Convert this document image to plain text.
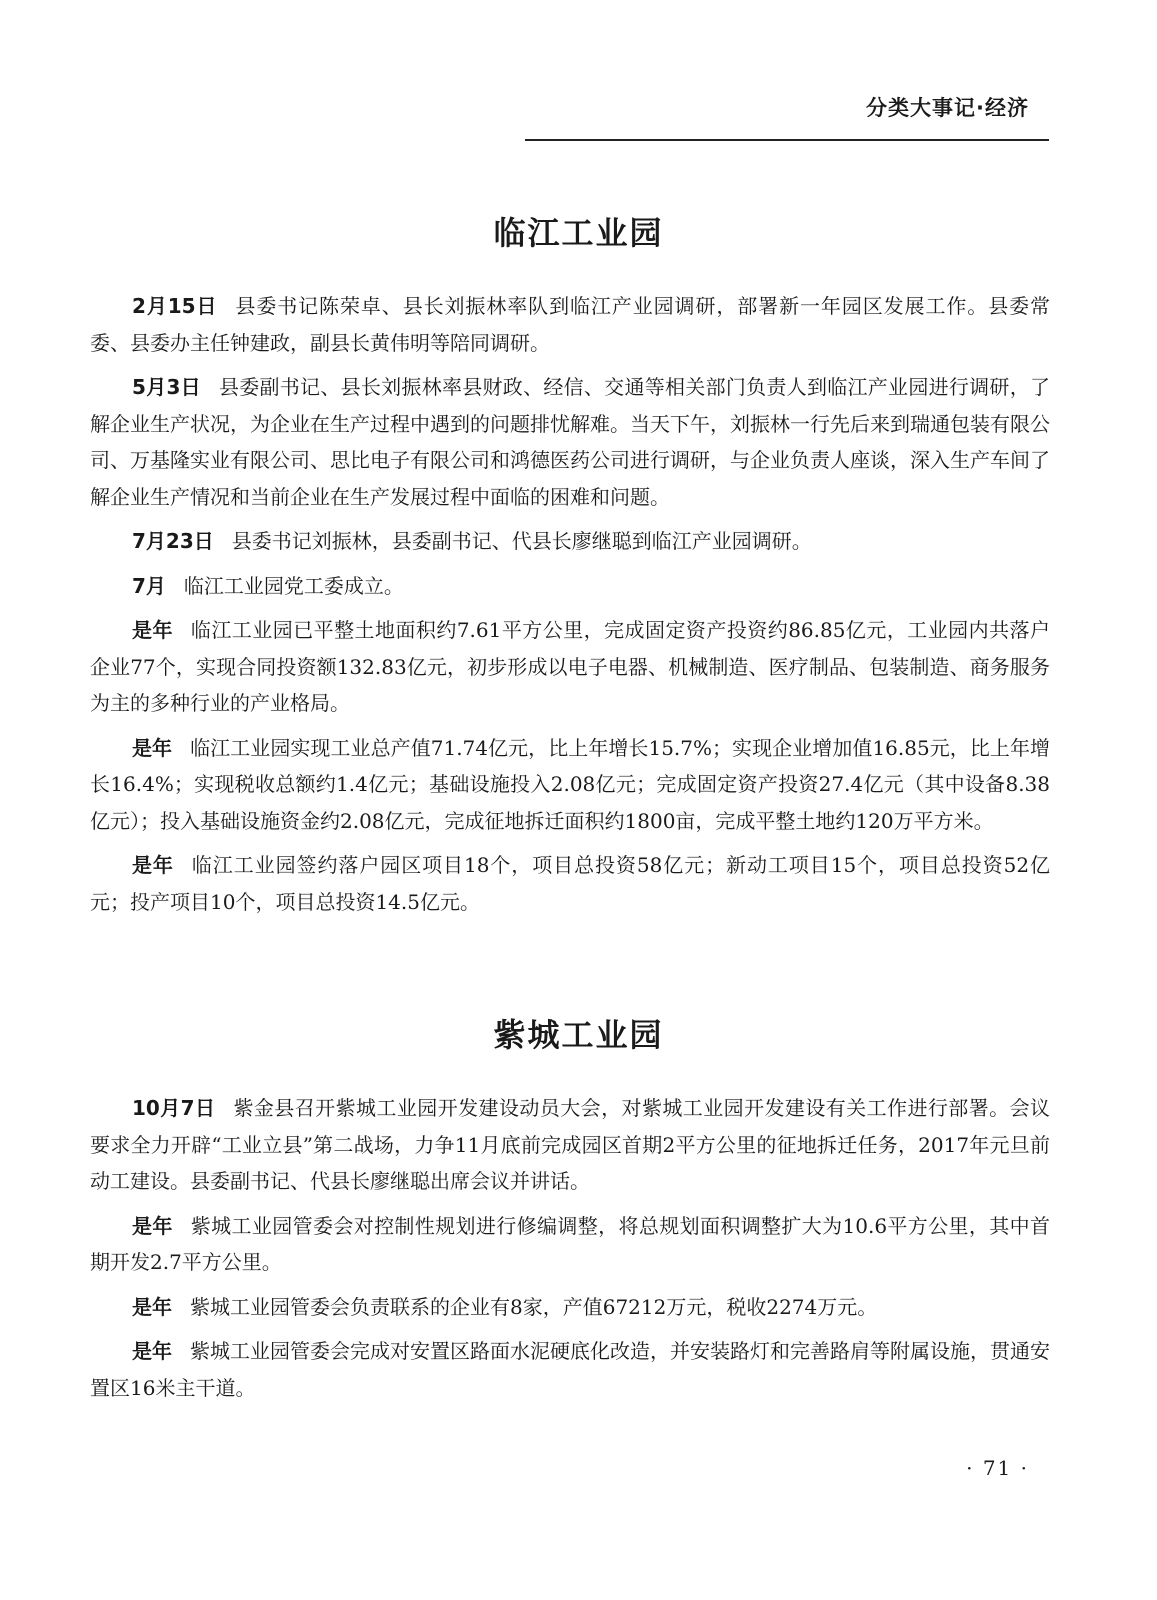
分类大事记·经济
临江工业园

2月15日 县委书记陈荣卓、县长刘振林率队到临江产业园调研，部署新一年园区发展工作。县委常委、县委办主任钟建政，副县长黄伟明等陪同调研。

5月3日 县委副书记、县长刘振林率县财政、经信、交通等相关部门负责人到临江产业园进行调研，了解企业生产状况，为企业在生产过程中遇到的问题排忧解难。当天下午，刘振林一行先后来到瑞通包装有限公司、万基隆实业有限公司、思比电子有限公司和鸿德医药公司进行调研，与企业负责人座谈，深入生产车间了解企业生产情况和当前企业在生产发展过程中面临的困难和问题。

7月23日 县委书记刘振林，县委副书记、代县长廖继聪到临江产业园调研。

7月 临江工业园党工委成立。

是年 临江工业园已平整土地面积约7.61平方公里，完成固定资产投资约86.85亿元，工业园内共落户企业77个，实现合同投资额132.83亿元，初步形成以电子电器、机械制造、医疗制品、包装制造、商务服务为主的多种行业的产业格局。

是年 临江工业园实现工业总产值71.74亿元，比上年增长15.7%；实现企业增加值16.85元，比上年增长16.4%；实现税收总额约1.4亿元；基础设施投入2.08亿元；完成固定资产投资27.4亿元（其中设备8.38亿元）；投入基础设施资金约2.08亿元，完成征地拆迁面积约1800亩，完成平整土地约120万平方米。

是年 临江工业园签约落户园区项目18个，项目总投资58亿元；新动工项目15个，项目总投资52亿元；投产项目10个，项目总投资14.5亿元。

紫城工业园

10月7日 紫金县召开紫城工业园开发建设动员大会，对紫城工业园开发建设有关工作进行部署。会议要求全力开辟“工业立县”第二战场，力争11月底前完成园区首期2平方公里的征地拆迁任务，2017年元旦前动工建设。县委副书记、代县长廖继聪出席会议并讲话。

是年 紫城工业园管委会对控制性规划进行修编调整，将总规划面积调整扩大为10.6平方公里，其中首期开发2.7平方公里。

是年 紫城工业园管委会负责联系的企业有8家，产值67212万元，税收2274万元。

是年 紫城工业园管委会完成对安置区路面水泥硬底化改造，并安装路灯和完善路肩等附属设施，贯通安置区16米主干道。

· 71 ·
